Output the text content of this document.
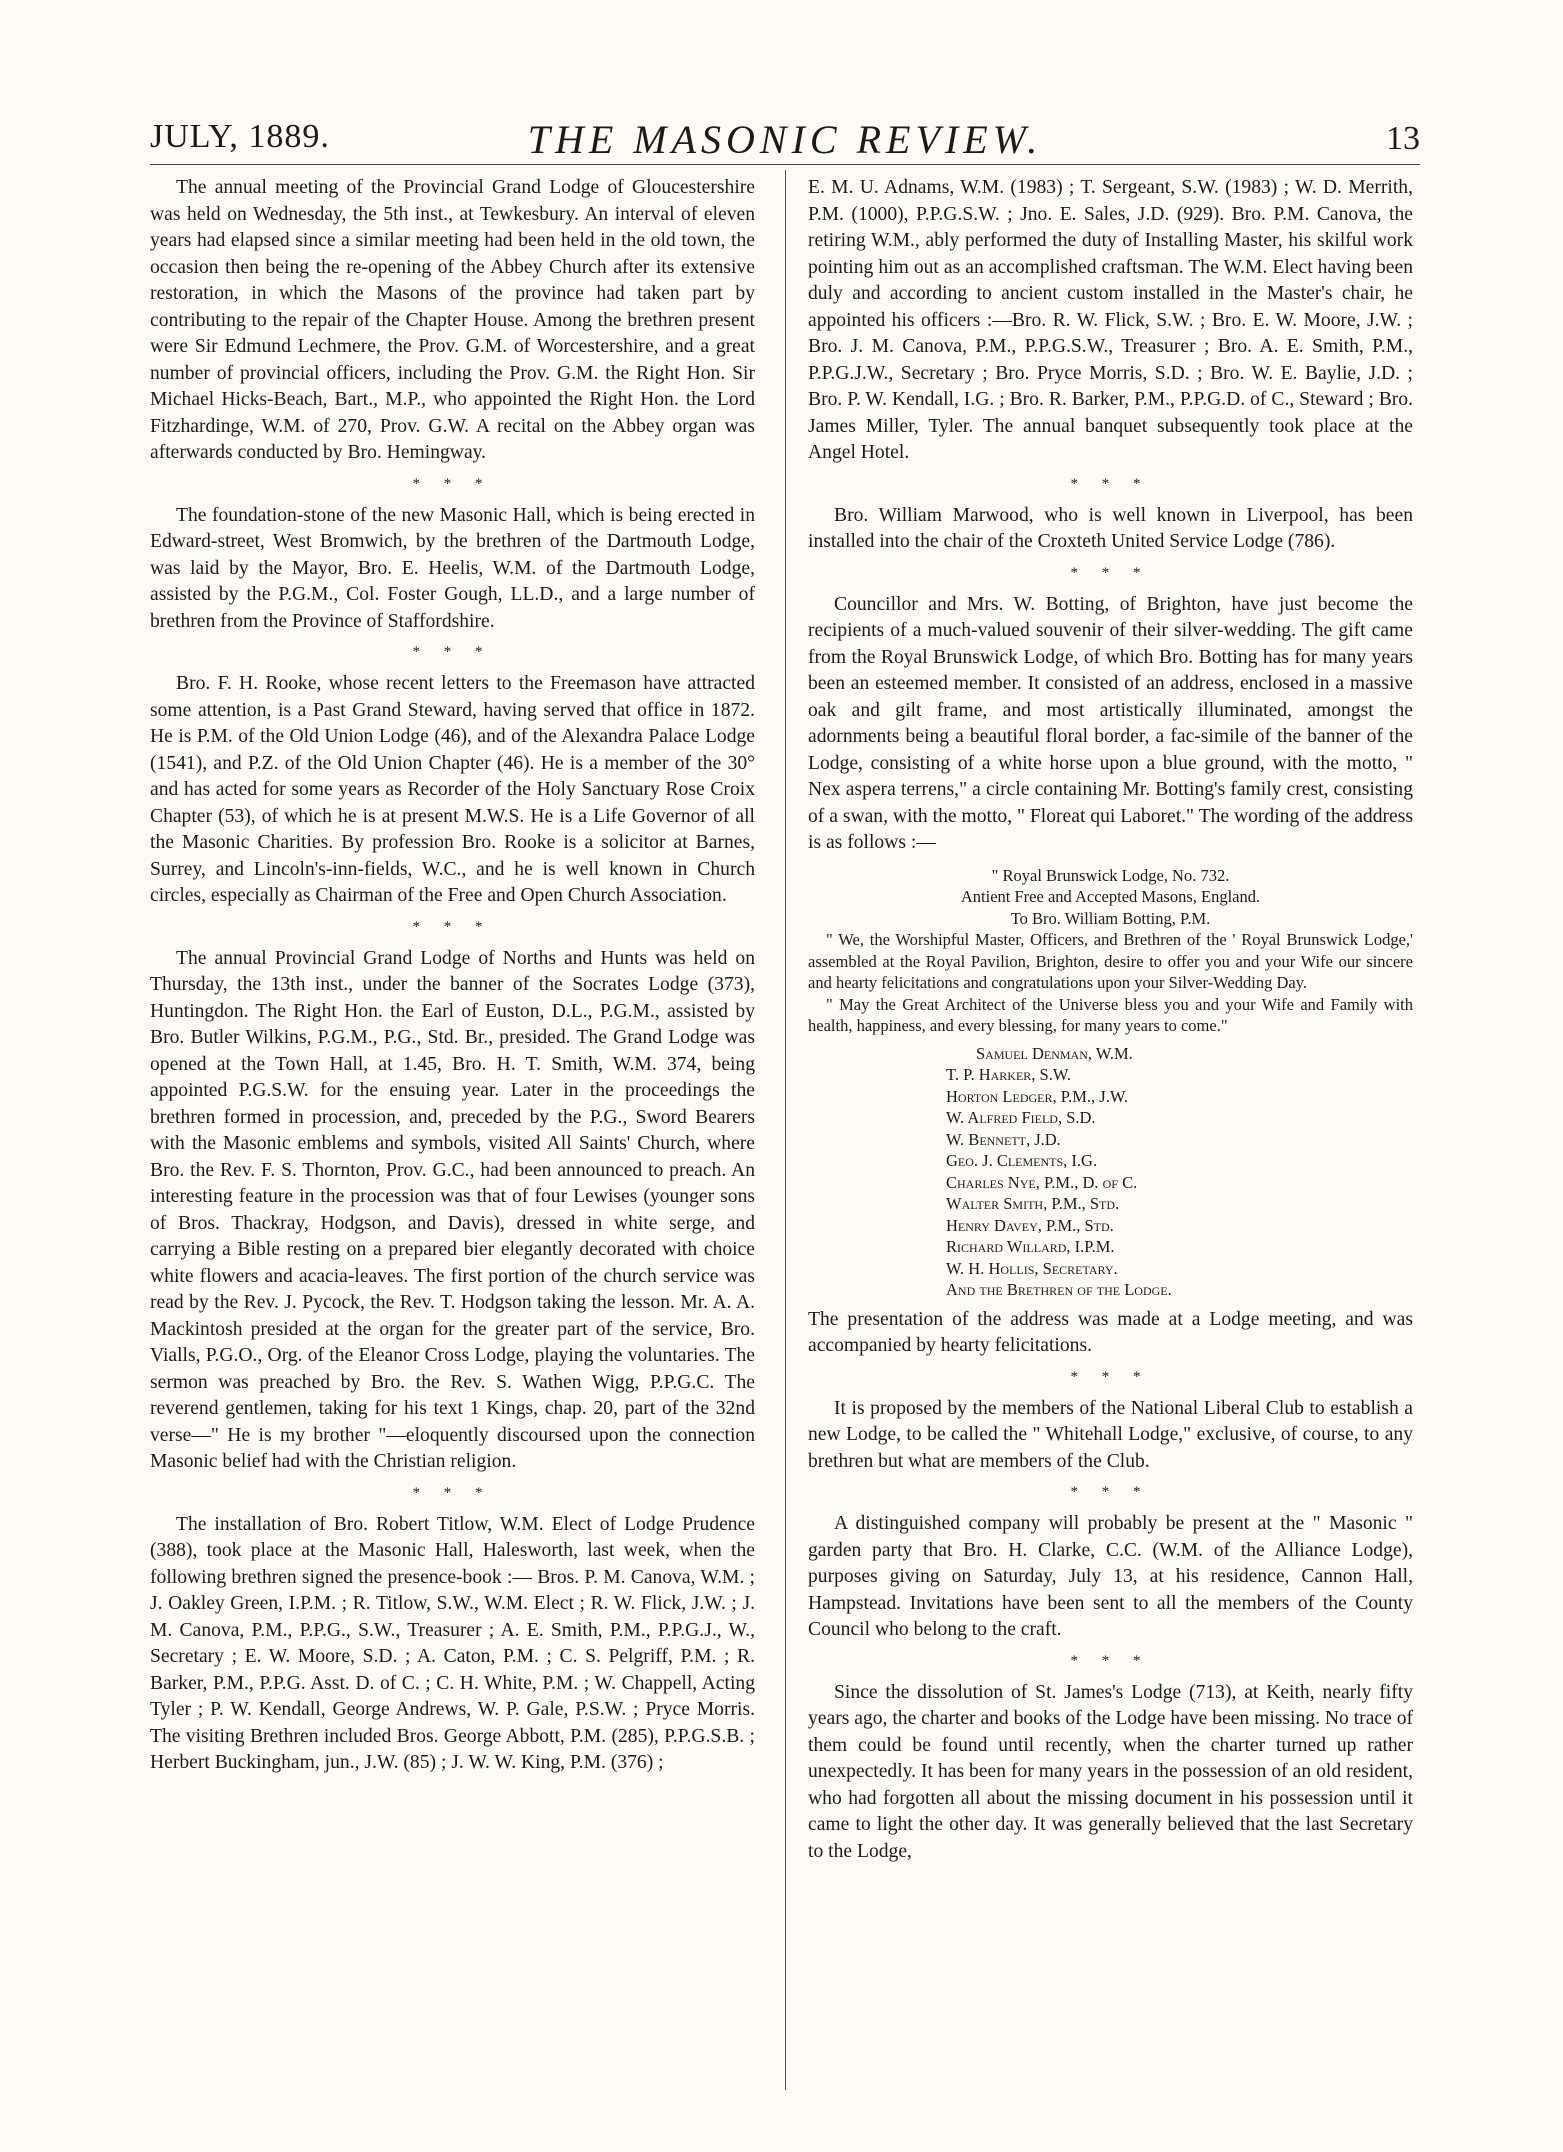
JULY, 1889.	THE MASONIC REVIEW.	13

The annual meeting of the Provincial Grand Lodge of Gloucestershire was held on Wednesday, the 5th inst., at Tewkesbury. An interval of eleven years had elapsed since a similar meeting had been held in the old town, the occasion then being the re-opening of the Abbey Church after its extensive restoration, in which the Masons of the province had taken part by contributing to the repair of the Chapter House. Among the brethren present were Sir Edmund Lechmere, the Prov. G.M. of Worcestershire, and a great number of provincial officers, including the Prov. G.M. the Right Hon. Sir Michael Hicks-Beach, Bart., M.P., who appointed the Right Hon. the Lord Fitzhardinge, W.M. of 270, Prov. G.W. A recital on the Abbey organ was afterwards conducted by Bro. Hemingway.

* * *

The foundation-stone of the new Masonic Hall, which is being erected in Edward-street, West Bromwich, by the brethren of the Dartmouth Lodge, was laid by the Mayor, Bro. E. Heelis, W.M. of the Dartmouth Lodge, assisted by the P.G.M., Col. Foster Gough, LL.D., and a large number of brethren from the Province of Staffordshire.

* * *

Bro. F. H. Rooke, whose recent letters to the Freemason have attracted some attention, is a Past Grand Steward, having served that office in 1872. He is P.M. of the Old Union Lodge (46), and of the Alexandra Palace Lodge (1541), and P.Z. of the Old Union Chapter (46). He is a member of the 30° and has acted for some years as Recorder of the Holy Sanctuary Rose Croix Chapter (53), of which he is at present M.W.S. He is a Life Governor of all the Masonic Charities. By profession Bro. Rooke is a solicitor at Barnes, Surrey, and Lincoln's-inn-fields, W.C., and he is well known in Church circles, especially as Chairman of the Free and Open Church Association.

* * *

The annual Provincial Grand Lodge of Norths and Hunts was held on Thursday, the 13th inst., under the banner of the Socrates Lodge (373), Huntingdon. The Right Hon. the Earl of Euston, D.L., P.G.M., assisted by Bro. Butler Wilkins, P.G.M., P.G., Std. Br., presided. The Grand Lodge was opened at the Town Hall, at 1.45, Bro. H. T. Smith, W.M. 374, being appointed P.G.S.W. for the ensuing year. Later in the proceedings the brethren formed in procession, and, preceded by the P.G., Sword Bearers with the Masonic emblems and symbols, visited All Saints' Church, where Bro. the Rev. F. S. Thornton, Prov. G.C., had been announced to preach. An interesting feature in the procession was that of four Lewises (younger sons of Bros. Thackray, Hodgson, and Davis), dressed in white serge, and carrying a Bible resting on a prepared bier elegantly decorated with choice white flowers and acacia-leaves. The first portion of the church service was read by the Rev. J. Pycock, the Rev. T. Hodgson taking the lesson. Mr. A. A. Mackintosh presided at the organ for the greater part of the service, Bro. Vialls, P.G.O., Org. of the Eleanor Cross Lodge, playing the voluntaries. The sermon was preached by Bro. the Rev. S. Wathen Wigg, P.P.G.C. The reverend gentlemen, taking for his text 1 Kings, chap. 20, part of the 32nd verse—" He is my brother "—eloquently discoursed upon the connection Masonic belief had with the Christian religion.

* * *

The installation of Bro. Robert Titlow, W.M. Elect of Lodge Prudence (388), took place at the Masonic Hall, Halesworth, last week, when the following brethren signed the presence-book :— Bros. P. M. Canova, W.M. ; J. Oakley Green, I.P.M. ; R. Titlow, S.W., W.M. Elect ; R. W. Flick, J.W. ; J. M. Canova, P.M., P.P.G., S.W., Treasurer ; A. E. Smith, P.M., P.P.G.J., W., Secretary ; E. W. Moore, S.D. ; A. Caton, P.M. ; C. S. Pelgriff, P.M. ; R. Barker, P.M., P.P.G. Asst. D. of C. ; C. H. White, P.M. ; W. Chappell, Acting Tyler ; P. W. Kendall, George Andrews, W. P. Gale, P.S.W. ; Pryce Morris. The visiting Brethren included Bros. George Abbott, P.M. (285), P.P.G.S.B. ; Herbert Buckingham, jun., J.W. (85) ; J. W. W. King, P.M. (376) ;

E. M. U. Adnams, W.M. (1983) ; T. Sergeant, S.W. (1983) ; W. D. Merrith, P.M. (1000), P.P.G.S.W. ; Jno. E. Sales, J.D. (929). Bro. P.M. Canova, the retiring W.M., ably performed the duty of Installing Master, his skilful work pointing him out as an accomplished craftsman. The W.M. Elect having been duly and according to ancient custom installed in the Master's chair, he appointed his officers :—Bro. R. W. Flick, S.W. ; Bro. E. W. Moore, J.W. ; Bro. J. M. Canova, P.M., P.P.G.S.W., Treasurer ; Bro. A. E. Smith, P.M., P.P.G.J.W., Secretary ; Bro. Pryce Morris, S.D. ; Bro. W. E. Baylie, J.D. ; Bro. P. W. Kendall, I.G. ; Bro. R. Barker, P.M., P.P.G.D. of C., Steward ; Bro. James Miller, Tyler. The annual banquet subsequently took place at the Angel Hotel.

* * *

Bro. William Marwood, who is well known in Liverpool, has been installed into the chair of the Croxteth United Service Lodge (786).

* * *

Councillor and Mrs. W. Botting, of Brighton, have just become the recipients of a much-valued souvenir of their silver-wedding. The gift came from the Royal Brunswick Lodge, of which Bro. Botting has for many years been an esteemed member. It consisted of an address, enclosed in a massive oak and gilt frame, and most artistically illuminated, amongst the adornments being a beautiful floral border, a fac-simile of the banner of the Lodge, consisting of a white horse upon a blue ground, with the motto, " Nex aspera terrens," a circle containing Mr. Botting's family crest, consisting of a swan, with the motto, " Floreat qui Laboret." The wording of the address is as follows :—

" Royal Brunswick Lodge, No. 732.

Antient Free and Accepted Masons, England.

To Bro. William Botting, P.M.

" We, the Worshipful Master, Officers, and Brethren of the ' Royal Brunswick Lodge,' assembled at the Royal Pavilion, Brighton, desire to offer you and your Wife our sincere and hearty felicitations and congratulations upon your Silver-Wedding Day.

" May the Great Architect of the Universe bless you and your Wife and Family with health, happiness, and every blessing, for many years to come."

Samuel Denman, W.M.

T. P. Harker, S.W.

Horton Ledger, P.M., J.W.

W. Alfred Field, S.D.

W. Bennett, J.D.

Geo. J. Clements, I.G.

Charles Nye, P.M., D. of C.

Walter Smith, P.M., Std.

Henry Davey, P.M., Std.

Richard Willard, I.P.M.

W. H. Hollis, Secretary.

And the Brethren of the Lodge.

The presentation of the address was made at a Lodge meeting, and was accompanied by hearty felicitations.

* * *

It is proposed by the members of the National Liberal Club to establish a new Lodge, to be called the " Whitehall Lodge," exclusive, of course, to any brethren but what are members of the Club.

* * *

A distinguished company will probably be present at the " Masonic " garden party that Bro. H. Clarke, C.C. (W.M. of the Alliance Lodge), purposes giving on Saturday, July 13, at his residence, Cannon Hall, Hampstead. Invitations have been sent to all the members of the County Council who belong to the craft.

* * *

Since the dissolution of St. James's Lodge (713), at Keith, nearly fifty years ago, the charter and books of the Lodge have been missing. No trace of them could be found until recently, when the charter turned up rather unexpectedly. It has been for many years in the possession of an old resident, who had forgotten all about the missing document in his possession until it came to light the other day. It was generally believed that the last Secretary to the Lodge,
